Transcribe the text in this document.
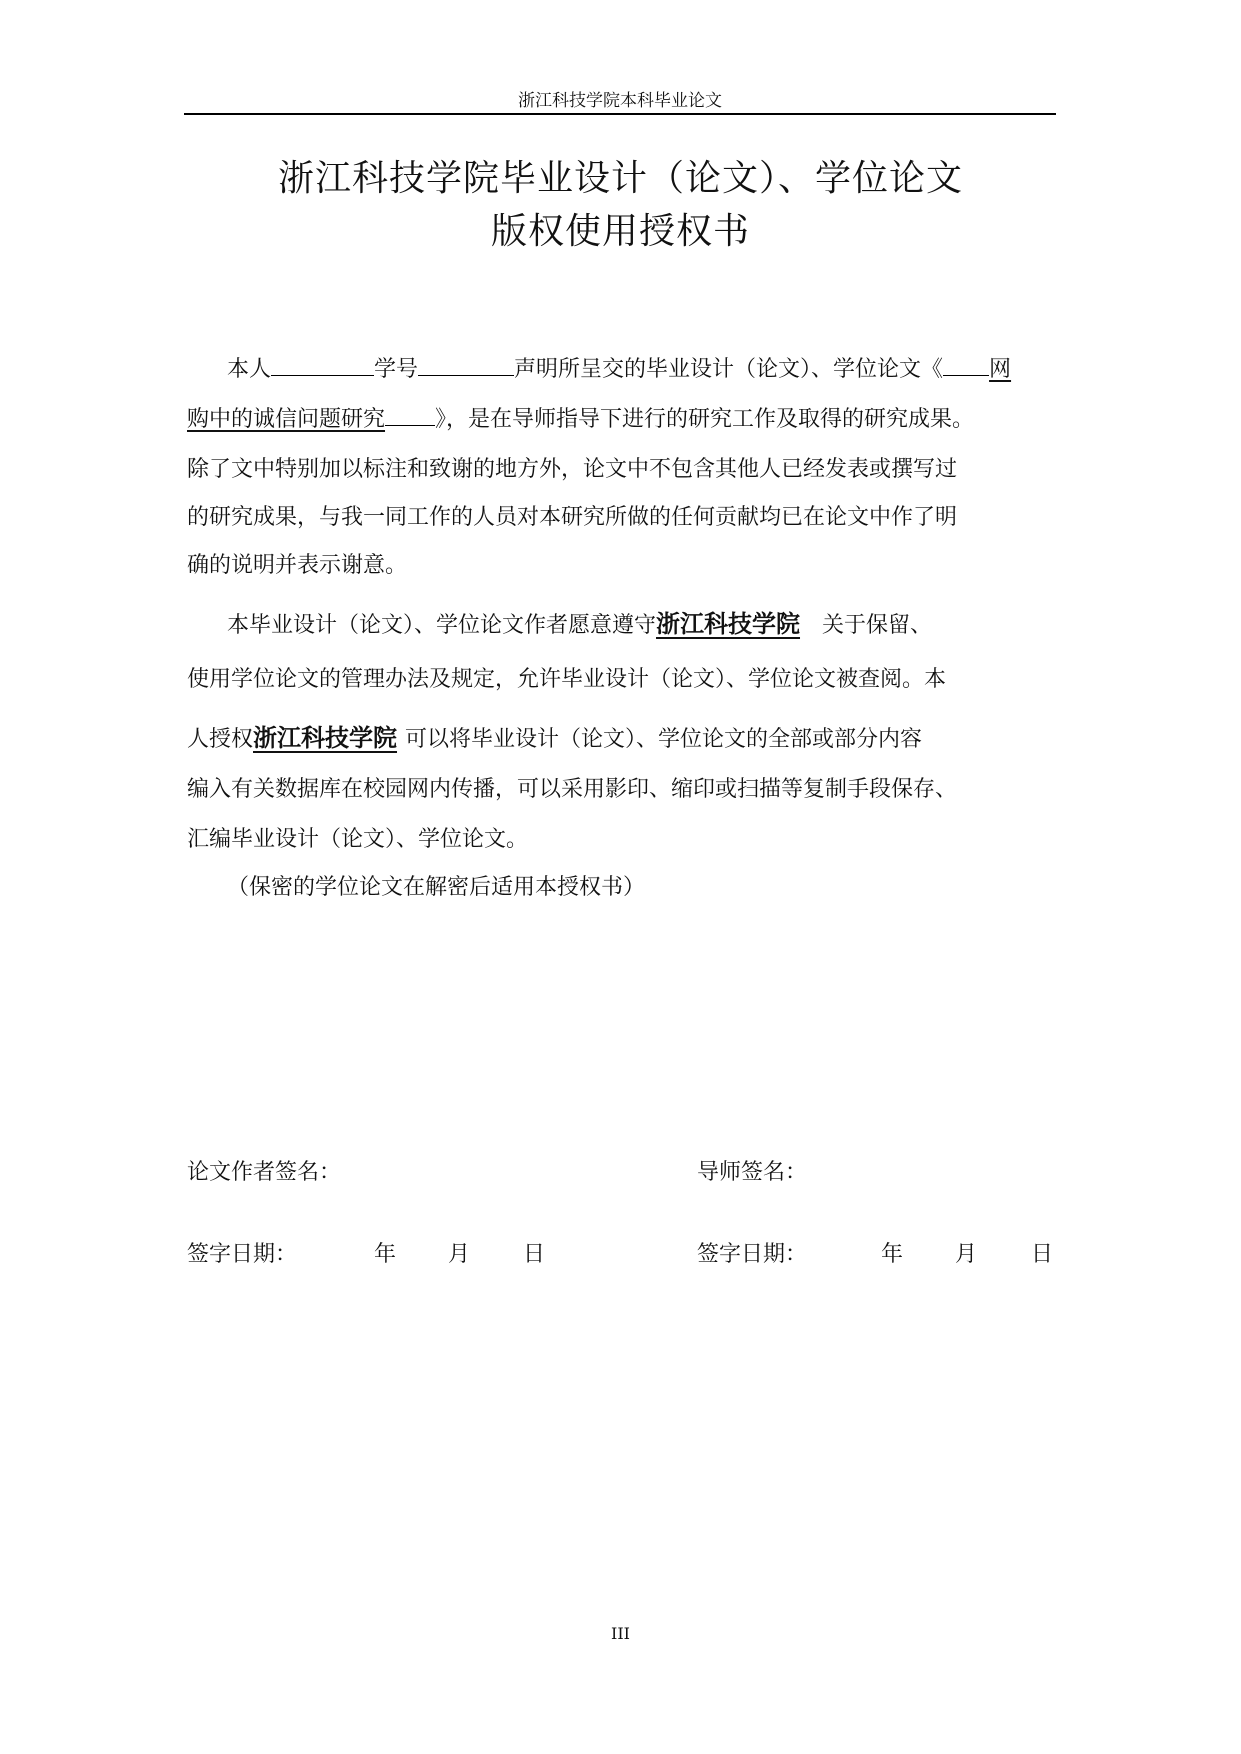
浙江科技学院本科毕业论文
浙江科技学院毕业设计（论文）、学位论文
版权使用授权书
本人	学号	声明所呈交的毕业设计（论文）、学位论文《 网
购中的诚信问题研究 》，是在导师指导下进行的研究工作及取得的研究成果。
除了文中特别加以标注和致谢的地方外，论文中不包含其他人已经发表或撰写过
的研究成果，与我一同工作的人员对本研究所做的任何贡献均已在论文中作了明
确的说明并表示谢意。
本毕业设计（论文）、学位论文作者愿意遵守浙江科技学院 关于保留、
使用学位论文的管理办法及规定，允许毕业设计（论文）、学位论文被查阅。本
人授权浙江科技学院 可以将毕业设计（论文）、学位论文的全部或部分内容
编入有关数据库在校园网内传播，可以采用影印、缩印或扫描等复制手段保存、
汇编毕业设计（论文）、学位论文。
（保密的学位论文在解密后适用本授权书）
论文作者签名：	导师签名：
签字日期：	年 月 日	签字日期：	年 月 日
III
